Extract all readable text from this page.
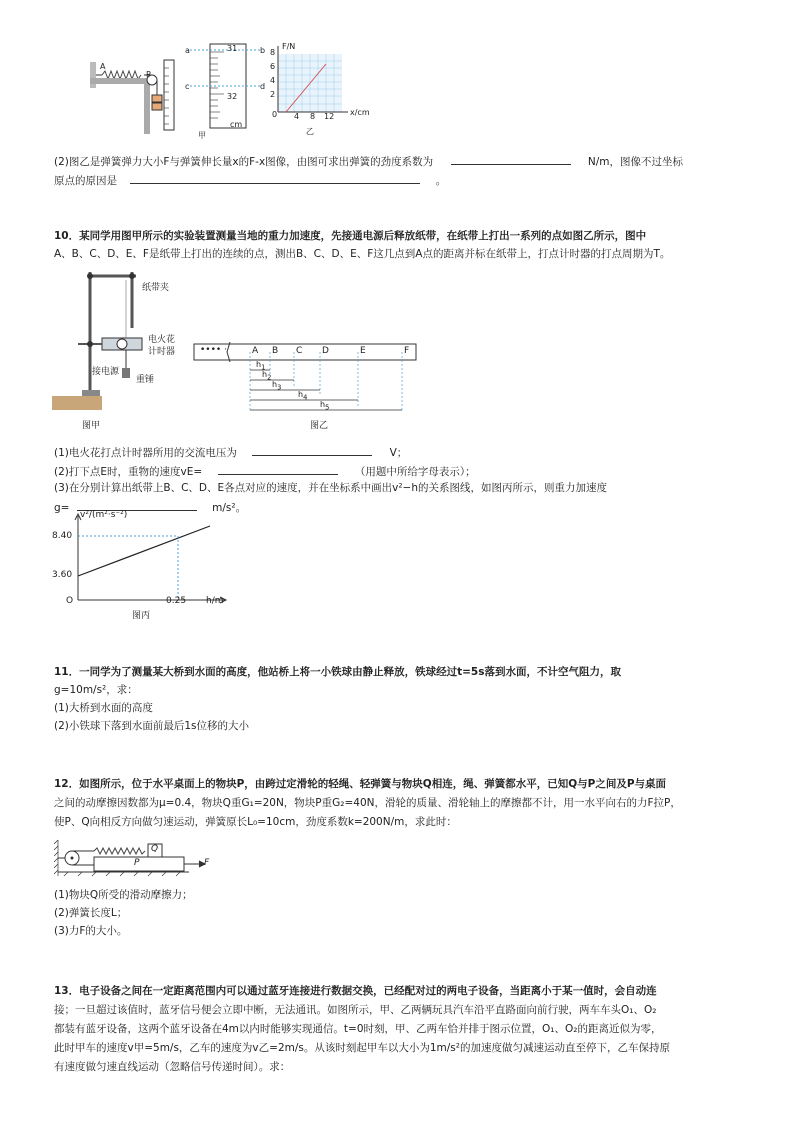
a	b
c	d
31
32
cm
A
P
甲
F/N
x/cm
2
4
6
8
0 4 8 12
乙
(2)图乙是弹簧弹力大小F与弹簧伸长量x的F-x图像，由图可求出弹簧的劲度系数为	N/m，图像不过坐标
原点的原因是	。
10．某同学用图甲所示的实验装置测量当地的重力加速度，先接通电源后释放纸带，在纸带上打出一系列的点如图乙所示，图中
A、B、C、D、E、F是纸带上打出的连续的点，测出B、C、D、E、F这几点到A点的距离并标在纸带上，打点计时器的打点周期为T。
纸带夹
电火花
计时器
接电源
重锤
图甲
•••• ·	A B C D	E	F
$h_1$
$h_2$
$h_3$
$h_4$
$h_5$
图乙
(1)电火花打点计时器所用的交流电压为	V；
(2)打下点E时，重物的速度vE=	（用题中所给字母表示）；
(3)在分别计算出纸带上B、C、D、E各点对应的速度，并在坐标系中画出v²−h的关系图线，如图丙所示，则重力加速度
g=	m/s²。
v²/(m²·s⁻²)
8.40
3.60
O	0.25 h/m
图丙
11．一同学为了测量某大桥到水面的高度，他站桥上将一小铁球由静止释放，铁球经过t=5s落到水面，不计空气阻力，取
g=10m/s²，求：
(1)大桥到水面的高度
(2)小铁球下落到水面前最后1s位移的大小
12．如图所示，位于水平桌面上的物块P，由跨过定滑轮的轻绳、轻弹簧与物块Q相连，绳、弹簧都水平，已知Q与P之间及P与桌面
之间的动摩擦因数都为μ=0.4，物块Q重G₁=20N，物块P重G₂=40N，滑轮的质量、滑轮轴上的摩擦都不计，用一水平向右的力F拉P，
使P、Q向相反方向做匀速运动，弹簧原长L₀=10cm，劲度系数k=200N/m，求此时：
Q
P	F
(1)物块Q所受的滑动摩擦力；
(2)弹簧长度L；
(3)力F的大小。
13．电子设备之间在一定距离范围内可以通过蓝牙连接进行数据交换，已经配对过的两电子设备，当距离小于某一值时，会自动连
接；一旦超过该值时，蓝牙信号便会立即中断，无法通讯。如图所示，甲、乙两辆玩具汽车沿平直路面向前行驶，两车车头O₁、O₂
都装有蓝牙设备，这两个蓝牙设备在4m以内时能够实现通信。t=0时刻，甲、乙两车恰并排于图示位置，O₁、O₂的距离近似为零，
此时甲车的速度v甲=5m/s，乙车的速度为v乙=2m/s。从该时刻起甲车以大小为1m/s²的加速度做匀减速运动直至停下，乙车保持原
有速度做匀速直线运动（忽略信号传递时间）。求：
